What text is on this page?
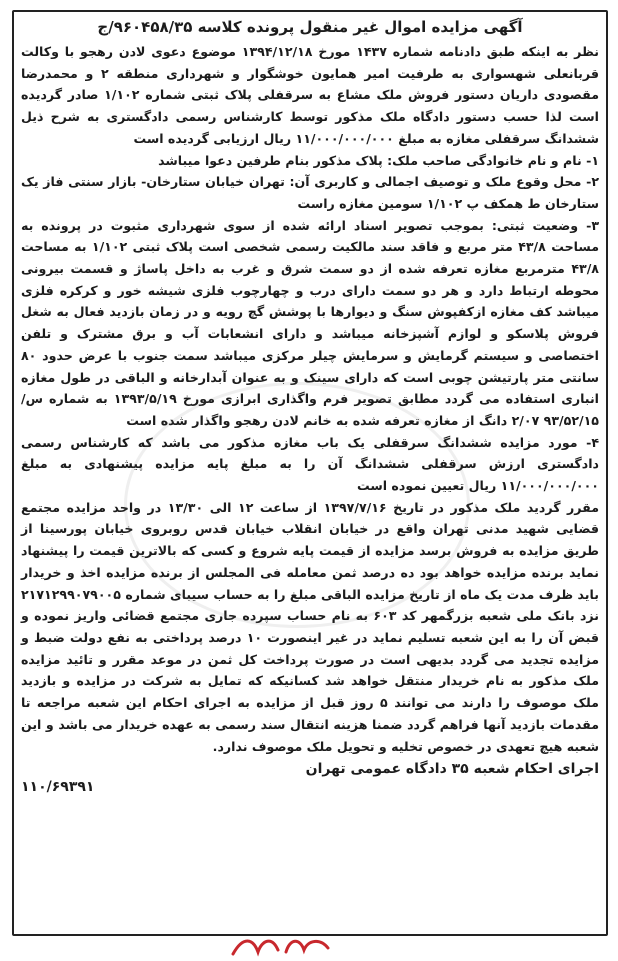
آگهی مزایده اموال غیر منقول پرونده کلاسه ۹۶۰۴۵۸/۳۵/ج

نظر به اینکه طبق دادنامه شماره ۱۴۳۷ مورخ ۱۳۹۴/۱۲/۱۸ موضوع دعوی لادن رهجو با وکالت قربانعلی شهسواری به طرفیت امیر همایون خوشگوار و شهرداری منطقه ۲ و محمدرضا مقصودی داریان دستور فروش ملک مشاع به سرقفلی پلاک ثبتی شماره ۱/۱۰۲ صادر گردیده است لذا حسب دستور دادگاه ملک مذکور توسط کارشناس رسمی دادگستری به شرح ذیل ششدانگ سرقفلی مغازه به مبلغ ۱۱/۰۰۰/۰۰۰/۰۰۰ ریال ارزیابی گردیده است

۱- نام و نام خانوادگی صاحب ملک: پلاک مذکور بنام طرفین دعوا میباشد

۲- محل وقوع ملک و توصیف اجمالی و کاربری آن: تهران خیابان ستارخان- بازار سنتی فاز یک ستارخان ط همکف پ ۱/۱۰۲ سومین مغازه راست

۳- وضعیت ثبتی: بموجب تصویر اسناد ارائه شده از سوی شهرداری مثبوت در پرونده به مساحت ۴۳/۸ متر مربع و فاقد سند مالکیت رسمی شخصی است پلاک ثبتی ۱/۱۰۲ به مساحت ۴۳/۸ مترمربع مغازه تعرفه شده از دو سمت شرق و غرب به داخل پاساژ و قسمت بیرونی محوطه ارتباط دارد و هر دو سمت دارای درب و چهارچوب فلزی شیشه خور و کرکره فلزی میباشد کف مغازه ازکفپوش سنگ و دیوارها با پوشش گچ رویه و در زمان بازدید فعال به شغل فروش پلاسکو و لوازم آشپزخانه میباشد و دارای انشعابات آب و برق مشترک و تلفن اختصاصی و سیستم گرمایش و سرمایش چیلر مرکزی میباشد سمت جنوب با عرض حدود ۸۰ سانتی متر پارتیشن چوبی است که دارای سینک و به عنوان آبدارخانه و الباقی در طول مغازه انباری استفاده می گردد مطابق تصویر فرم واگذاری ابرازی مورخ ۱۳۹۳/۵/۱۹ به شماره س/۹۳/۵۲/۱۵ ۲/۰۷ دانگ از مغازه تعرفه شده به خانم لادن رهجو واگذار شده است

۴- مورد مزایده ششدانگ سرقفلی یک باب مغازه مذکور می باشد که کارشناس رسمی دادگستری ارزش سرقفلی ششدانگ آن را به مبلغ پایه مزایده پیشنهادی به مبلغ ۱۱/۰۰۰/۰۰۰/۰۰۰ ریال تعیین نموده است

مقرر گردید ملک مذکور در تاریخ ۱۳۹۷/۷/۱۶ از ساعت ۱۲ الی ۱۳/۳۰ در واحد مزایده مجتمع قضایی شهید مدنی تهران واقع در خیابان انقلاب خیابان قدس روبروی خیابان پورسینا از طریق مزایده به فروش برسد مزایده از قیمت پایه شروع و کسی که بالاترین قیمت را پیشنهاد نماید برنده مزایده خواهد بود ده درصد ثمن معامله فی المجلس از برنده مزایده اخذ و خریدار باید ظرف مدت یک ماه از تاریخ مزایده الباقی مبلغ را به حساب سیبای شماره ۲۱۷۱۲۹۹۰۷۹۰۰۵ نزد بانک ملی شعبه بزرگمهر کد ۶۰۳ به نام حساب سپرده جاری مجتمع قضائی واریز نموده و قبض آن را به این شعبه تسلیم نماید در غیر اینصورت ۱۰ درصد پرداختی به نفع دولت ضبط و مزایده تجدید می گردد بدیهی است در صورت پرداخت کل ثمن در موعد مقرر و تائید مزایده ملک مذکور به نام خریدار منتقل خواهد شد کسانیکه که تمایل به شرکت در مزایده و بازدید ملک موصوف را دارند می توانند ۵ روز قبل از مزایده به اجرای احکام این شعبه مراجعه تا مقدمات بازدید آنها فراهم گردد ضمنا هزینه انتقال سند رسمی به عهده خریدار می باشد و این شعبه هیچ تعهدی در خصوص تخلیه و تحویل ملک موصوف ندارد.

اجرای احکام شعبه ۳۵ دادگاه عمومی تهران
۱۱۰/۶۹۳۹۱
